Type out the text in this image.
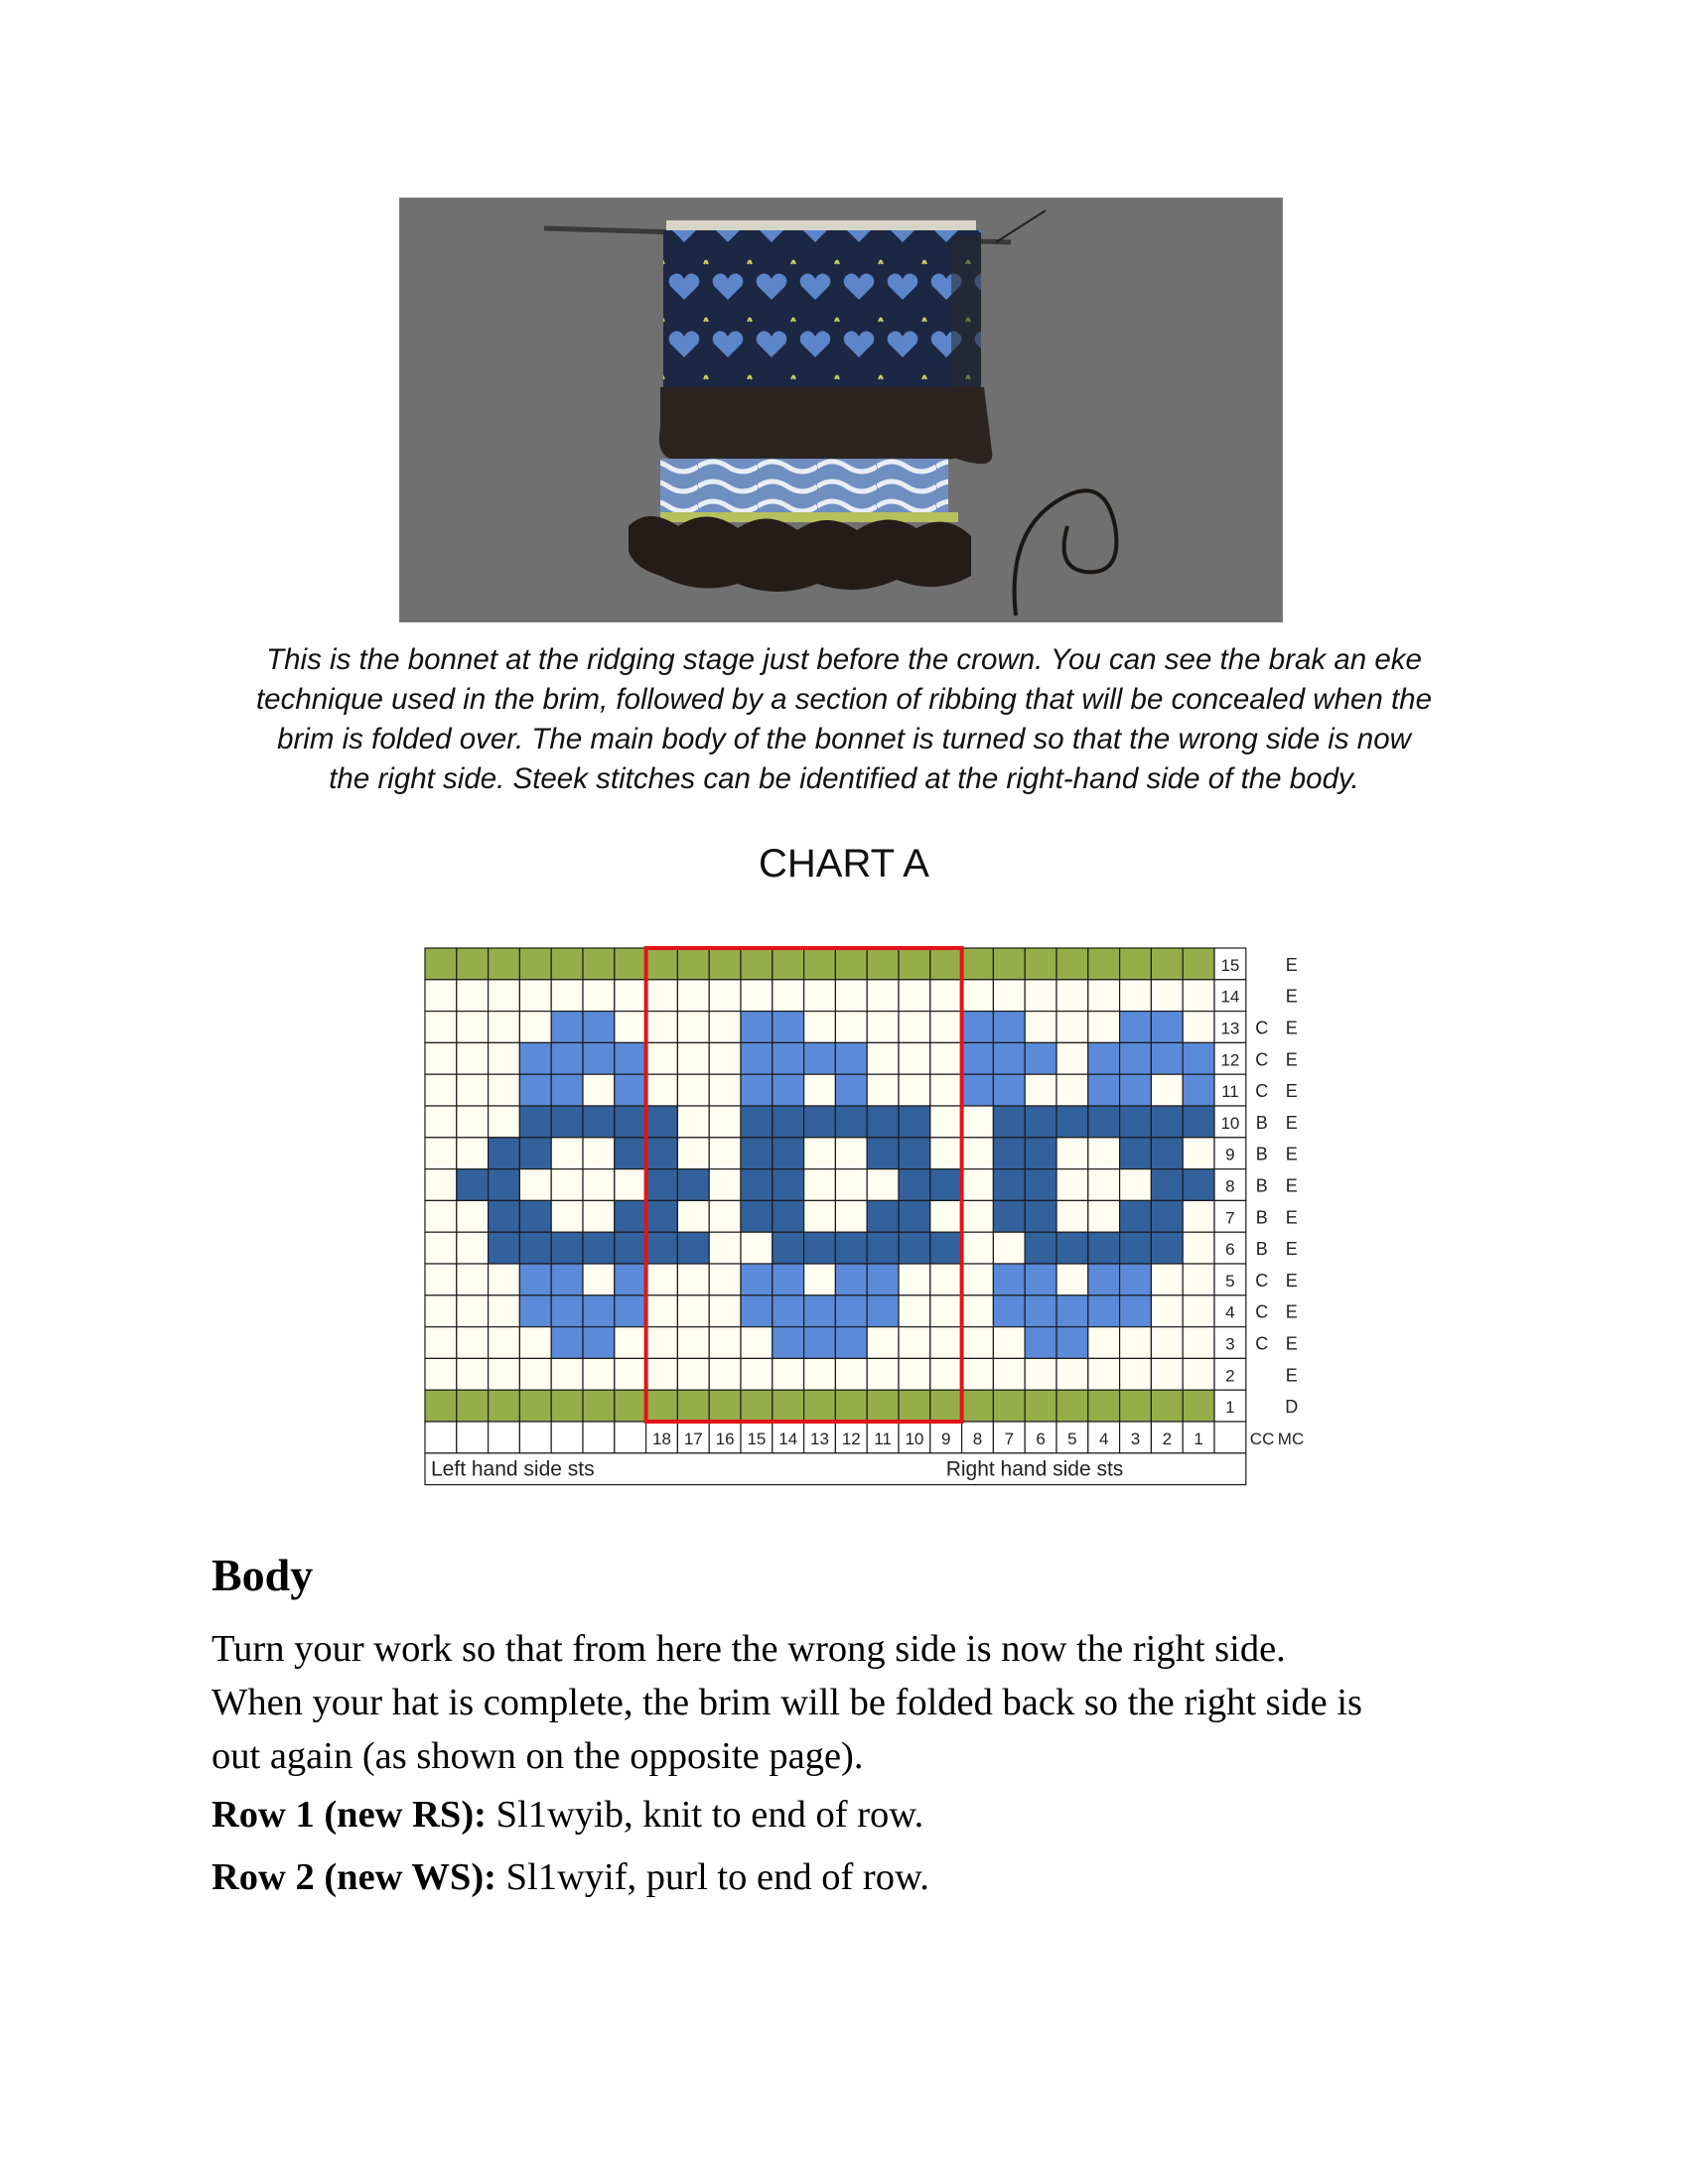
This is the bonnet at the ridging stage just before the crown. You can see the brak an eke
technique used in the brim, followed by a section of ribbing that will be concealed when the
brim is folded over. The main body of the bonnet is turned so that the wrong side is now
the right side. Steek stitches can be identified at the right-hand side of the body.
CHART A
15	E
14	E
13 C E
12 C E
11 C E
10 B E
9 B E
8 B E
7 B E
6 B E
5 C E
4 C E
3 C E
2	E
1	D
18 17 16 15 14 13 12 11 10 9 8 7 6 5 4 3 2 1	CC MC
Left hand side sts	Right hand side sts
Body
Turn your work so that from here the wrong side is now the right side.
When your hat is complete, the brim will be folded back so the right side is
out again (as shown on the opposite page).
Row 1 (new RS): Sl1wyib, knit to end of row.
Row 2 (new WS): Sl1wyif, purl to end of row.
